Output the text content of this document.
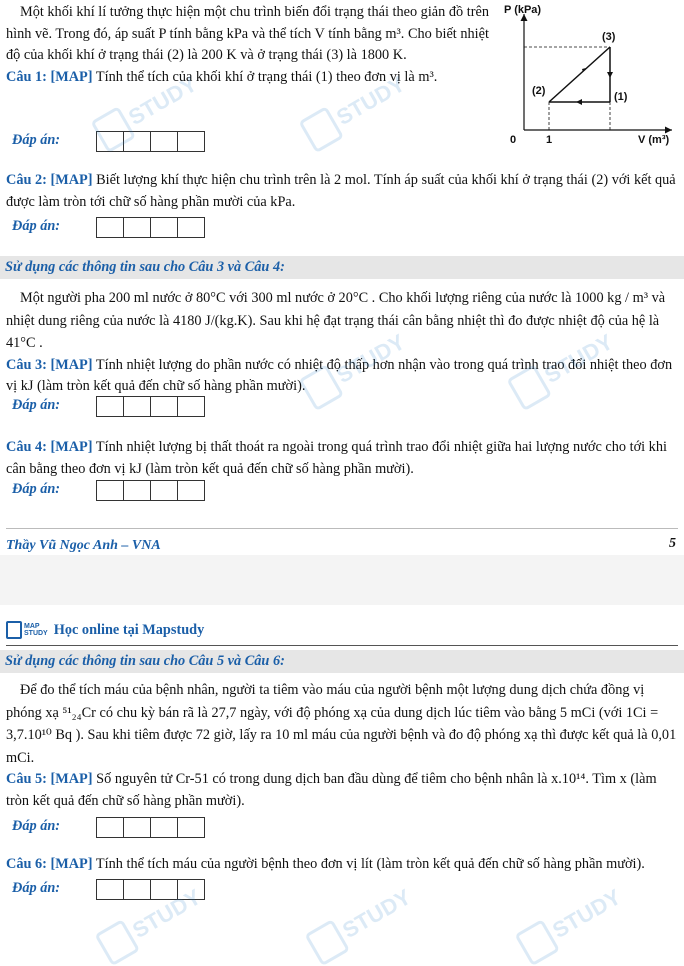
P (kPa)
(3)
(2)	(1)
0	1	V (m³)

Một khối khí lí tưởng thực hiện một chu trình biến đổi trạng thái theo giản đồ trên hình vẽ. Trong đó, áp suất P tính bằng kPa và thể tích V tính bằng m³. Cho biết nhiệt độ của khối khí ở trạng thái (2) là 200 K và ở trạng thái (3) là 1800 K.

Câu 1: [MAP] Tính thể tích của khối khí ở trạng thái (1) theo đơn vị là m³.

Đáp án:

Câu 2: [MAP] Biết lượng khí thực hiện chu trình trên là 2 mol. Tính áp suất của khối khí ở trạng thái (2) với kết quả được làm tròn tới chữ số hàng phần mười của kPa.

Đáp án:
Sử dụng các thông tin sau cho Câu 3 và Câu 4:

Một người pha 200 ml nước ở 80°C với 300 ml nước ở 20°C . Cho khối lượng riêng của nước là 1000 kg / m³ và nhiệt dung riêng của nước là 4180 J/(kg.K). Sau khi hệ đạt trạng thái cân bằng nhiệt thì đo được nhiệt độ của hệ là 41°C .

Câu 3: [MAP] Tính nhiệt lượng do phần nước có nhiệt độ thấp hơn nhận vào trong quá trình trao đổi nhiệt theo đơn vị kJ (làm tròn kết quả đến chữ số hàng phần mười).

Đáp án:

Câu 4: [MAP] Tính nhiệt lượng bị thất thoát ra ngoài trong quá trình trao đổi nhiệt giữa hai lượng nước cho tới khi cân bằng theo đơn vị kJ (làm tròn kết quả đến chữ số hàng phần mười).

Đáp án:
Thầy Vũ Ngọc Anh – VNA	5
STUDY	STUDY
STUDY
STUDY
MAP
STUDY Học online tại Mapstudy
Sử dụng các thông tin sau cho Câu 5 và Câu 6:

Để đo thể tích máu của bệnh nhân, người ta tiêm vào máu của người bệnh một lượng dung dịch chứa đồng vị phóng xạ ⁵¹₂₄Cr có chu kỳ bán rã là 27,7 ngày, với độ phóng xạ của dung dịch lúc tiêm vào bằng 5 mCi (với 1Ci = 3,7.10¹⁰ Bq ). Sau khi tiêm được 72 giờ, lấy ra 10 ml máu của người bệnh và đo độ phóng xạ thì được kết quả là 0,01 mCi.

Câu 5: [MAP] Số nguyên tử Cr-51 có trong dung dịch ban đầu dùng để tiêm cho bệnh nhân là x.10¹⁴. Tìm x (làm tròn kết quả đến chữ số hàng phần mười).

Đáp án:

Câu 6: [MAP] Tính thể tích máu của người bệnh theo đơn vị lít (làm tròn kết quả đến chữ số hàng phần mười).

Đáp án:	STUDY	STUDY	STUDY
